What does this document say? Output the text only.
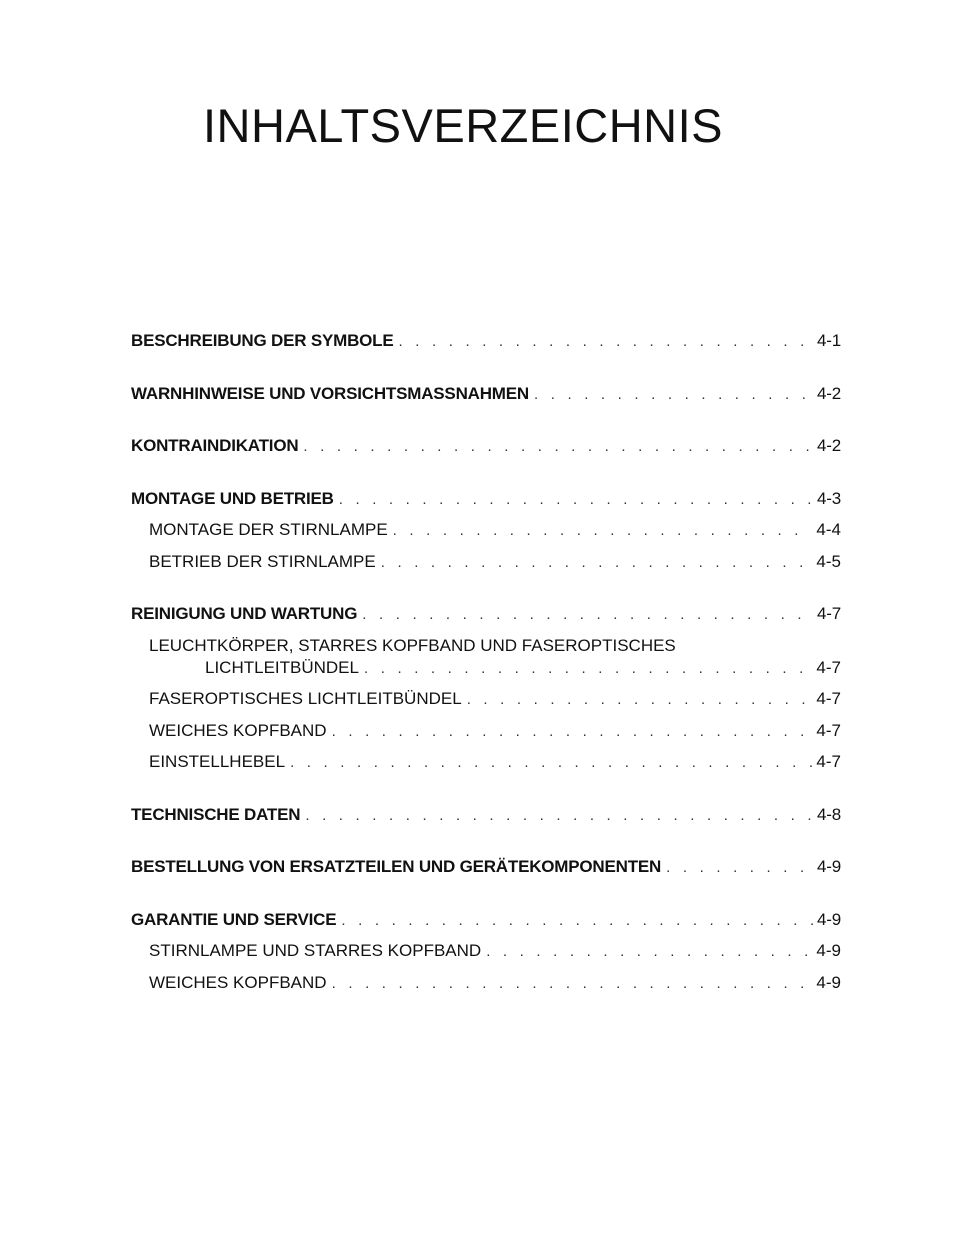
INHALTSVERZEICHNIS
BESCHREIBUNG DER SYMBOLE . . .	4-1
WARNHINWEISE UND VORSICHTSMASSNAHMEN . . .	4-2
KONTRAINDIKATION . . .	4-2
MONTAGE UND BETRIEB . . .	4-3
MONTAGE DER STIRNLAMPE . . .	4-4
BETRIEB DER STIRNLAMPE . . .	4-5
REINIGUNG UND WARTUNG . . .	4-7
LEUCHTKÖRPER, STARRES KOPFBAND UND FASEROPTISCHES
LICHTLEITBÜNDEL . . .	4-7
FASEROPTISCHES LICHTLEITBÜNDEL . . .	4-7
WEICHES KOPFBAND . . .	4-7
EINSTELLHEBEL . . .	4-7
TECHNISCHE DATEN . . .	4-8
BESTELLUNG VON ERSATZTEILEN UND GERÄTEKOMPONENTEN . . .	4-9
GARANTIE UND SERVICE . . .	4-9
STIRNLAMPE UND STARRES KOPFBAND . . .	4-9
WEICHES KOPFBAND . . .	4-9
